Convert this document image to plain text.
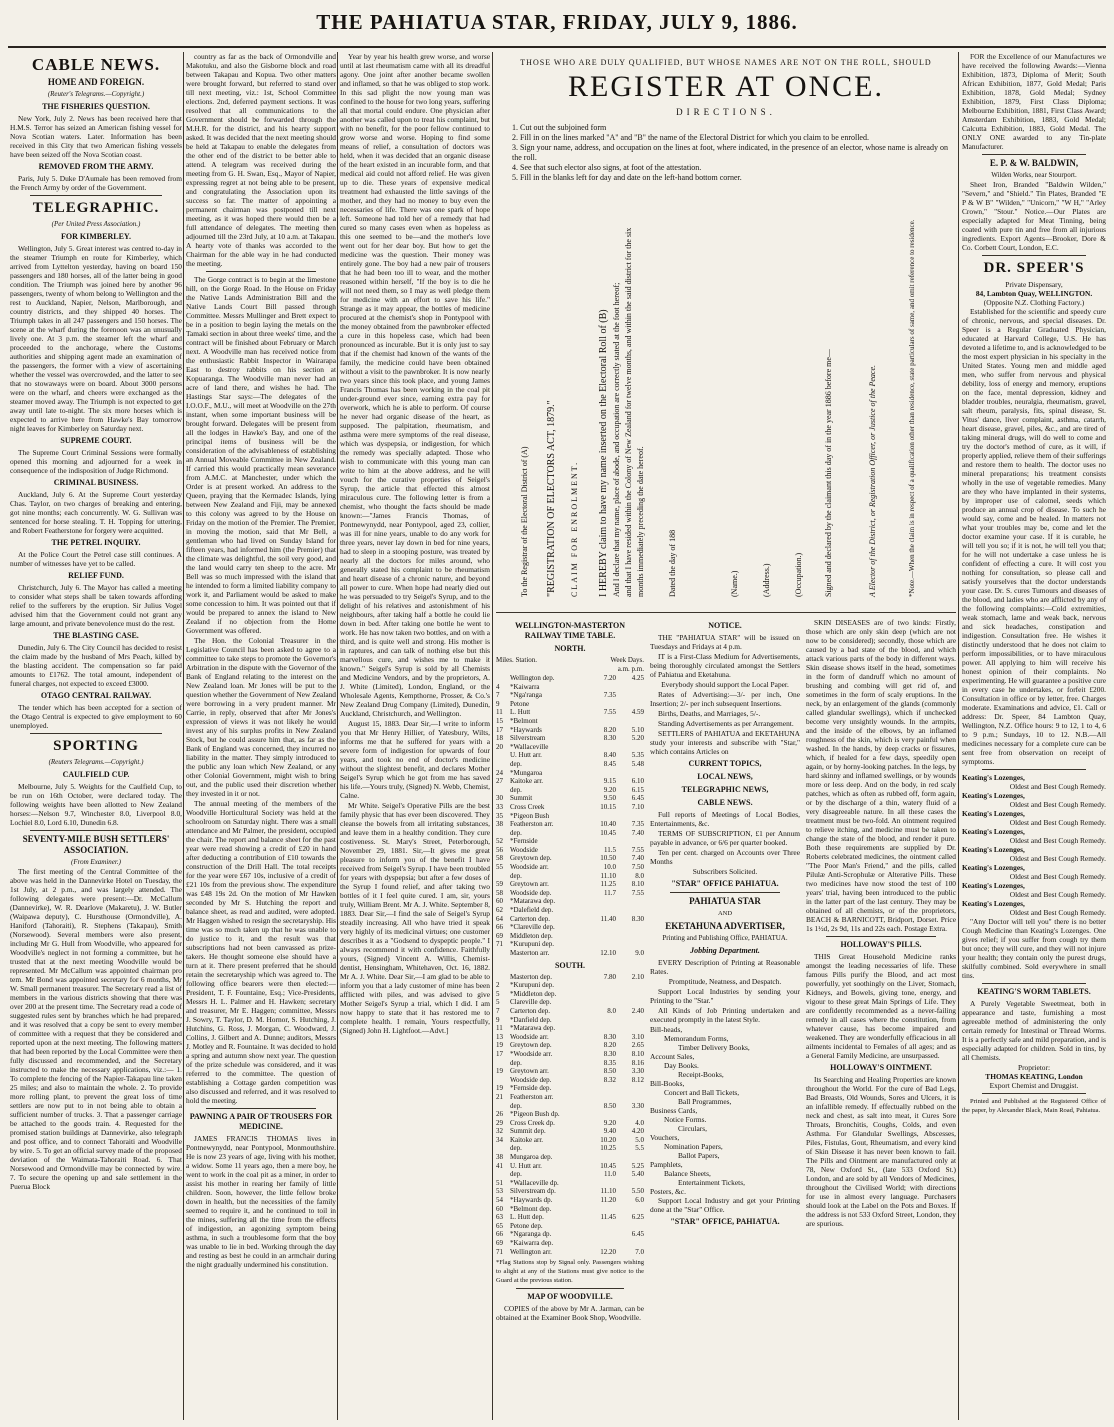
THE PAHIATUA STAR, FRIDAY, JULY 9, 1886.
CABLE NEWS.
HOME AND FOREIGN.
(Reuter's Telegrams.—Copyright.)
THE FISHERIES QUESTION.

New York, July 2. News has been received here that H.M.S. Terror has seized an American fishing vessel for Nova Scotian waters. Later. Information has been received in this City that two American fishing vessels have been seized off the Nova Scotian coast.

REMOVED FROM THE ARMY.

Paris, July 5. Duke D'Aumale has been removed from the French Army by order of the Government.

TELEGRAPHIC.
(Per United Press Association.)
FOR KIMBERLEY.

Wellington, July 5. Great interest was centred to-day in the steamer Triumph en route for Kimberley, which arrived from Lyttelton yesterday, having on board 150 passengers and 180 horses, all of the latter being in good condition. The Triumph was joined here by another 96 passengers, twenty of whom belong to Wellington and the rest to Auckland, Napier, Nelson, Marlborough, and country districts, and they shipped 40 horses. The Triumph takes in all 247 passengers and 150 horses. The scene at the wharf during the forenoon was an unusually lively one. At 3 p.m. the steamer left the wharf and proceeded to the anchorage, where the Customs authorities and shipping agent made an examination of the passengers, the former with a view of ascertaining whether the vessel was overcrowded, and the latter to see that no stowaways were on board. About 3000 persons were on the wharf, and cheers were exchanged as the steamer moved away. The Triumph is not expected to get away until late to-night. The six more horses which is expected to arrive here from Hawke's Bay tomorrow night leaves for Kimberley on Saturday next.

SUPREME COURT.

The Supreme Court Criminal Sessions were formally opened this morning and adjourned for a week in consequence of the indisposition of Judge Richmond.

CRIMINAL BUSINESS.

Auckland, July 6. At the Supreme Court yesterday Chas. Taylor, on two charges of breaking and entering, got nine months; each concurrently. W. G. Sullivan was sentenced for horse stealing. T. H. Topping for uttering, and Robert Featherstone for forgery were acquitted.

THE PETREL INQUIRY.

At the Police Court the Petrel case still continues. A number of witnesses have yet to be called.

RELIEF FUND.

Christchurch, July 6. The Mayor has called a meeting to consider what steps shall be taken towards affording relief to the sufferers by the eruption. Sir Julius Vogel advised him that the Government could not grant any large amount, and private benevolence must do the rest.

THE BLASTING CASE.

Dunedin, July 6. The City Council has decided to resist the claim made by the husband of Mrs Peach, killed by the blasting accident. The compensation so far paid amounts to £1762. The total amount, independent of funeral charges, not expected to exceed £3000.

OTAGO CENTRAL RAILWAY.

The tender which has been accepted for a section of the Otago Central is expected to give employment to 60 unemployed.

SPORTING
(Reuters Telegrams.—Copyright.)
CAULFIELD CUP.

Melbourne, July 5. Weights for the Caulfield Cup, to be run on 16th October, were declared today. The following weights have been allotted to New Zealand horses:—Nelson 9.7, Winchester 8.0, Liverpool 8.0, Lochiel 8.0, Lord 6.10, Dunedin 6.8.

SEVENTY-MILE BUSH SETTLERS' ASSOCIATION.
(From Examiner.)

The first meeting of the Central Committee of the above was held in the Dannevirke Hotel on Tuesday, the 1st July, at 2 p.m., and was largely attended. The following delegates were present:—Dr. McCallum (Dannevirke), W. R. Dearlove (Makaretu), J. W. Butler (Waipawa deputy), C. Hursthouse (Ormondville), A. Haniford (Tahoraiti), R. Stephens (Takapau), Smith (Norsewood). Several members were also present, including Mr G. Hull from Woodville, who appeared for Woodville's neglect in not forming a committee, but he trusted that at the next meeting Woodville would be represented. Mr McCallum was appointed chairman pro tem. Mr Bond was appointed secretary for 6 months, Mr W. Small permanent treasurer. The Secretary read a list of members in the various districts showing that there was over 200 at the present time. The Secretary read a code of suggested rules sent by branches which he had prepared, and it was resolved that a copy be sent to every member of committee with a request that they be considered and reported upon at the next meeting. The following matters that had been reported by the Local Committee were then fully discussed and recommended, and the Secretary instructed to make the necessary applications, viz.:— 1. To complete the fencing of the Napier-Takapau line taken 25 miles; and also to maintain the whole. 2. To provide more rolling plant, to prevent the great loss of time settlers are now put to in not being able to obtain a sufficient number of trucks. 3. That a passenger carriage be attached to the goods train. 4. Requested for the promised station buildings at Dannevirke, also telegraph and post office, and to connect Tahoraiti and Woodville by wire. 5. To get an official survey made of the proposed deviation of the Waimata-Tahoraiti Road. 6. That Norsewood and Ormondville may be connected by wire. 7. To secure the opening up and sale settlement in the Puerua Block

country as far as the back of Ormondville and Makotuku, and also the Gisborne block and road between Takapau and Kopua. Two other matters were brought forward, but referred to stand over till next meeting, viz.: 1st, School Committee elections. 2nd, deferred payment sections. It was resolved that all communications to the Government should be forwarded through the M.H.R. for the district, and his hearty support asked. It was decided that the next meeting should be held at Takapau to enable the delegates from the other end of the district to be better able to attend. A telegram was received during the meeting from G. H. Swan, Esq., Mayor of Napier, expressing regret at not being able to be present, and congratulating the Association upon its success so far. The matter of appointing a permanent chairman was postponed till next meeting, as it was hoped there would then be a full attendance of delegates. The meeting then adjourned till the 23rd July, at 10 a.m. at Takapau. A hearty vote of thanks was accorded to the Chairman for the able way in he had conducted the meeting.

The Gorge contract is to begin at the limestone hill, on the Gorge Road. In the House on Friday the Native Lands Administration Bill and the Native Lands Court Bill passed through Committee. Messrs Mullinger and Brett expect to be in a position to begin laying the metals on the Tamaki section in about three weeks' time, and the contract will be finished about February or March next. A Woodville man has received notice from the enthusiastic Rabbit Inspector in Wairarapa East to destroy rabbits on his section at Kopuaranga. The Woodville man never had an acre of land there, and wishes he had. The Hastings Star says:—The delegates of the I.O.O.F., M.U., will meet at Woodville on the 27th instant, when some important business will be brought forward. Delegates will be present from all the lodges in Hawke's Bay, and one of the principal items of business will be the consideration of the advisableness of establishing an Annual Moveable Committee in New Zealand. If carried this would practically mean severance from A.M.C. at Manchester, under which the Order is at present worked. An address to the Queen, praying that the Kermadec Islands, lying between New Zealand and Fiji, may be annexed to this colony was agreed to by the House on Friday on the motion of the Premier. The Premier, in moving the motion, said that Mr Bell, a gentleman who had lived on Sunday Island for fifteen years, had informed him (the Premier) that the climate was delightful, the soil very good, and the land would carry ten sheep to the acre. Mr Bell was so much impressed with the island that he intended to form a limited liability company to work it, and Parliament would be asked to make some concession to him. It was pointed out that if would be prepared to annex the island to New Zealand if no objection from the Home Government was offered.

The Hon. the Colonial Treasurer in the Legislative Council has been asked to agree to a committee to take steps to promote the Governor's Arbitration in the dispute with the Governor of the Bank of England relating to the interest on the New Zealand loan. Mr Jones will be put to the question whether the Government of New Zealand were borrowing in a very prudent manner. Mr Carrie, in reply, observed that after Mr Jones's expression of views it was not likely he would invest any of his surplus profits in New Zealand Stock, but he could assure him that, as far as the Bank of England was concerned, they incurred no liability in the matter. They simply introduced to the public any loan which New Zealand, or any other Colonial Government, might wish to bring out, and the public used their discretion whether they invested in it or not.

The annual meeting of the members of the Woodville Horticultural Society was held at the schoolroom on Saturday night. There was a small attendance and Mr Palmer, the president, occupied the chair. The report and balance sheet for the past year were read showing a credit of £20 in hand after deducting a contribution of £10 towards the construction of the Drill Hall. The total receipts for the year were £67 10s, inclusive of a credit of £21 10s from the previous show. The expenditure was £48 19s 2d. On the motion of Mr Hawken seconded by Mr S. Hutching the report and balance sheet, as read and audited, were adopted. Mr Haggen wished to resign the secretaryship. His time was so much taken up that he was unable to do justice to it, and the result was that subscriptions had not been canvassed as prize-takers. He thought someone else should have a turn at it. There present preferred that he should retain the secretaryship which was agreed to. The following office bearers were then elected:—President, T. F. Fountaine, Esq.; Vice-Presidents, Messrs H. L. Palmer and H. Hawken; secretary and treasurer, Mr E. Haggen; committee, Messrs J. Sowry, T. Taylor, D. M. Hornor, S. Hutching, J. Hutchins, G. Ross, J. Morgan, C. Woodward, J. Collins, J. Gilbert and A. Dunne; auditors, Messrs J. Motley and R. Fountaine. It was decided to hold a spring and autumn show next year. The question of the prize schedule was considered, and it was referred to the committee. The question of establishing a Cottage garden competition was also discussed and referred, and it was resolved to hold the meeting.

PAWNING A PAIR OF TROUSERS FOR MEDICINE.

JAMES FRANCIS THOMAS lives in Pontnewynydd, near Pontypool, Monmouthshire. He is now 23 years of age, living with his mother, a widow. Some 11 years ago, then a mere boy, he went to work in the coal pit as a miner, in order to assist his mother in rearing her family of little children. Soon, however, the little fellow broke down in health, but the necessities of the family seemed to require it, and he continued to toil in the mines, suffering all the time from the effects of indigestion, an agonizing symptom being asthma, in such a troublesome form that the boy was unable to lie in bed. Working through the day and resting as best he could in an armchair during the night gradually undermined his constitution.

Year by year his health grew worse, and worse until at last rheumatism came with all its dreadful agony. One joint after another became swollen and inflamed, so that he was obliged to stop work. In this sad plight the now young man was confined to the house for two long years, suffering all that mortal could endure. One physician after another was called upon to treat his complaint, but with no benefit, for the poor fellow continued to grow worse and worse. Hoping to find some means of relief, a consultation of doctors was held, when it was decided that an organic disease of the heart existed in an incurable form, and that medical aid could not afford relief. He was given up to die. These years of expensive medical treatment had exhausted the little savings of the mother, and they had no money to buy even the necessaries of life. There was one spark of hope left. Someone had told her of a remedy that had cured so many cases even when as hopeless as this one seemed to be—and the mother's love went out for her dear boy. But how to get the medicine was the question. Their money was entirely gone. The boy had a new pair of trousers that he had been too ill to wear, and the mother reasoned within herself, "If the boy is to die he will not need them, so I may as well pledge them for medicine with an effort to save his life." Strange as it may appear, the bottles of medicine procured at the chemist's shop in Pontypool with the money obtained from the pawnbroker effected a cure in this hopeless case, which had been pronounced as incurable. But it is only just to say that if the chemist had known of the wants of the family, the medicine could have been obtained without a visit to the pawnbroker. It is now nearly two years since this took place, and young James Francis Thomas has been working in the coal pit under-ground ever since, earning extra pay for overwork, which he is able to perform. Of course he never had organic disease of the heart, as supposed. The palpitation, rheumatism, and asthma were mere symptoms of the real disease, which was dyspepsia, or indigestion, for which the remedy was specially adapted. Those who wish to communicate with this young man can write to him at the above address, and he will vouch for the curative properties of Seigel's Syrup, the article that effected this almost miraculous cure. The following letter is from a chemist, who thought the facts should be made known:—"James Francis Thomas, of Pontnewynydd, near Pontypool, aged 23, collier, was ill for nine years, unable to do any work for three years, never lay down in bed for nine years, had to sleep in a stooping posture, was treated by nearly all the doctors for miles around, who generally stated his complaint to be rheumatism and heart disease of a chronic nature, and beyond all power to cure. When hope had nearly died out he was persuaded to try Seigel's Syrup, and to the delight of his relatives and astonishment of his neighbours, after taking half a bottle he could lie down in bed. After taking one bottle he went to work. He has now taken two bottles, and on with a third, and is quite well and strong. His mother is in raptures, and can talk of nothing else but this marvellous cure, and wishes me to make it known." Seigel's Syrup is sold by all Chemists and Medicine Vendors, and by the proprietors, A. J. White (Limited), London, England, or the Wholesale Agents, Kempthorne, Prosser, & Co.'s New Zealand Drug Company (Limited), Dunedin, Auckland, Christchurch, and Wellington.

August 15, 1883. Dear Sir,—I write to inform you that Mr Henry Hillier, of Yatesbury, Wilts, informs me that he suffered for years with a severe form of indigestion for upwards of four years, and took no end of doctor's medicine without the slightest benefit, and declares Mother Seigel's Syrup which he got from me has saved his life.—Yours truly, (Signed) N. Webb, Chemist, Calne.

Mr White. Seigel's Operative Pills are the best family physic that has ever been discovered. They cleanse the bowels from all irritating substances, and leave them in a healthy condition. They cure costiveness. St. Mary's Street, Peterborough, November 29, 1881. Sir,—It gives me great pleasure to inform you of the benefit I have received from Seigel's Syrup. I have been troubled for years with dyspepsia; but after a few doses of the Syrup I found relief, and after taking two bottles of it I feel quite cured. I am, sir, yours truly, William Brent. Mr A. J. White. September 8, 1883. Dear Sir,—I find the sale of Seigel's Syrup steadily increasing. All who have tried it speak very highly of its medicinal virtues; one customer describes it as a "Godsend to dyspeptic people." I always recommend it with confidence. Faithfully yours, (Signed) Vincent A. Willis, Chemist-dentist, Hensingham, Whitehaven, Oct. 16, 1882. Mr A. J. White. Dear Sir,—I am glad to be able to inform you that a lady customer of mine has been afflicted with piles, and was advised to give Mother Seigel's Syrup a trial, which I did. I am now happy to state that it has restored me to complete health. I remain, Yours respectfully, (Signed) John H. Lightfoot.—Advt.]

THOSE WHO ARE DULY QUALIFIED, BUT WHOSE NAMES ARE NOT ON THE ROLL, SHOULD
REGISTER AT ONCE.
DIRECTIONS.
1. Cut out the subjoined form
2. Fill in on the lines marked "A" and "B" the name of the Electoral District for which you claim to be enrolled.
3. Sign your name, address, and occupation on the lines at foot, where indicated, in the presence of an elector, whose name is already on the roll.
4. See that such elector also signs, at foot of the attestation.
5. Fill in the blanks left for day and date on the left-hand bottom corner.
To the Registrar of the Electoral District of (A) "REGISTRATION OF ELECTORS ACT, 1879." CLAIM FOR ENROLMENT. I HEREBY claim to have my name inserted on the Electoral Roll of (B) And I declare that my name, place of abode, and occupation are correctly stated at the foot hereof; and that I have resided within the Colony of New Zealand for twelve months, and within the said district for the six months immediately preceding the date hereof.	Dated the day of 188	(Name.)	(Address.)	(Occupation.)	Signed and declared by the claimant this day of in the year 1886 before me—	A Elector of the District, or Registration Officer, or Justice of the Peace.	*Note.—When the claim is in respect of a qualification other than residence, state particulars of same, and omit reference to residence.
WELLINGTON-MASTERTON RAILWAY TIME TABLE.
NORTH.
Miles. Station.	Week Days.
a.m. p.m.
	Wellington dep.	7.20	4.25
4	*Kaiwarra		
7	*Nga'ranga	7.35	
9	Petone		
11	L. Hutt	7.55	4.59
15	*Belmont		
17	*Haywards	8.20	5.10
18	Silverstream	8.30	5.20
20	*Wallaceville		
	U. Hutt arr.	8.40	5.35
	dep.	8.45	5.48
24	*Mungaroa		
27	Kaitoke arr.	9.15	6.10
	dep.	9.20	6.15
30	Summit	9.50	6.45
33	Cross Creek	10.15	7.10
35	*Pigeon Bush		
38	Featherston arr.	10.40	7.35
	dep.	10.45	7.40
52	*Fernside		
56	Woodside	11.5	7.55
58	Greytown dep.	10.50	7.40
55	Woodside arr.	10.0	7.50
	dep.	11.10	8.0
59	Greytown arr.	11.25	8.10
58	Woodside dep.	11.7	7.55
60	*Matarawa dep.		
62	*Dalefield dep.		
64	Carterton dep.	11.40	8.30
66	*Clareville dep.		
69	Middleton dep.		
71	*Kurupuni dep.		
	Masterton arr.	12.10	9.0
SOUTH.
	Masterton dep.	7.80	2.10
2	*Kurupuni dep.		
5	*Middleton dep.		
5	Clareville dep.		
7	Carterton dep.	8.0	2.40
9	*Danfield dep.		
11	*Matarawa dep.		
13	Woodside arr.	8.30	3.10
19	Greytown dep.	8.20	2.65
17	*Woodside arr.	8.30	8.10
	dep.	8.35	8.16
19	Greytown arr.	8.50	3.30
	Woodside dep.	8.32	8.12
19	*Fernside dep.		
21	Featherston arr.		
	dep.	8.50	3.30
26	*Pigeon Bush dp.		
29	Cross Creek dp.	9.20	4.0
32	Summit dep.	9.40	4.20
34	Kaitoke arr.	10.20	5.0
	dep.	10.25	5.5
38	Mungaroa dep.		
41	U. Hutt arr.	10.45	5.25
	dep.	11.0	5.40
51	*Wallaceville dp.		
53	Silverstream dp.	11.10	5.50
54	*Haywards dp.	11.20	6.0
60	*Belmont dep.		
63	L. Hutt dep.	11.45	6.25
65	Petone dep.		
66	*Ngaranga dp.		6.45
69	*Kaiwarra dep.		
71	Wellington arr.	12.20	7.0

*Flag Stations stop by Signal only. Passengers wishing to alight at any of the Stations must give notice to the Guard at the previous station.

MAP OF WOODVILLE.

COPIES of the above by Mr A. Jarman, can be obtained at the Examiner Book Shop, Woodville.

NOTICE.

THE "PAHIATUA STAR" will be issued on Tuesdays and Fridays at 4 p.m.

IT is a First-Class Medium for Advertisements, being thoroughly circulated amongst the Settlers of Pahiatua and Eketahuna.

Everybody should support the Local Paper.

Rates of Advertising:—3/- per inch, One Insertion; 2/- per inch subsequent Insertions.

Births, Deaths, and Marriages, 5/-.

Standing Advertisements as per Arrangement.

SETTLERS of PAHIATUA and EKETAHUNA study your interests and subscribe with "Star," which contains Articles on

CURRENT TOPICS,
LOCAL NEWS,
TELEGRAPHIC NEWS,
CABLE NEWS.

Full reports of Meetings of Local Bodies, Entertainments, &c.

TERMS OF SUBSCRIPTION, £1 per Annum payable in advance, or 6/6 per quarter booked.

Ten per cent. charged on Accounts over Three Months

Subscribers Solicited.

"STAR" OFFICE PAHIATUA.
PAHIATUA STAR
AND
EKETAHUNA ADVERTISER,
Printing and Publishing Office, PAHIATUA.
Jobbing Department.

EVERY Description of Printing at Reasonable Rates.

Promptitude, Neatness, and Despatch.

Support Local Industries by sending your Printing to the "Star."

All Kinds of Job Printing undertaken and executed promptly in the latest Style.

Bill-heads,
Memorandum Forms,
Timber Delivery Books,
Account Sales,
Day Books.
Receipt-Books,
Bill-Books,
Concert and Ball Tickets,
Ball Programmes,
Business Cards,
Notice Forms.
Circulars,
Vouchers,
Nomination Papers,
Ballot Papers,
Pamphlets,
Balance Sheets,
Entertainment Tickets,
Posters, &c.

Support Local Industry and get your Printing done at the "Star" Office.

"STAR" OFFICE, PAHIATUA.

SKIN DISEASES are of two kinds: Firstly, those which are only skin deep (which are not now to be considered); secondly, those which are caused by a bad state of the blood, and which attack various parts of the body in different ways. Skin disease shows itself in the head, sometimes in the form of dandruff which no amount of brushing and combing will get rid of, and sometimes in the form of scaly eruptions. In the neck, by an enlargement of the glands (commonly called glandular swellings), which if unchecked become very unsightly wounds. In the armpits, and the inside of the elbows, by an inflamed roughness of the skin, which is very painful when washed. In the hands, by deep cracks or fissures, which, if healed for a few days, speedily open again, or by horny-looking patches. In the legs, by hard skinny and inflamed swellings, or by wounds more or less deep. And on the body, in red scaly patches, which as often as rubbed off, form again, or by the discharge of a thin, watery fluid of a very disagreeable nature. In all these cases the treatment must be two-fold. An ointment required to relieve itching, and medicine must be taken to change the state of the blood, and render it pure. Both these requirements are supplied by Dr. Roberts celebrated medicines, the ointment called "The Poor Man's Friend," and the pills, called Pilulæ Anti-Scrophulæ or Alterative Pills. These two medicines have now stood the test of 100 years' trial, having been introduced to the public in the latter part of the last century. They may be obtained of all chemists, or of the proprietors, BEACH & BARNICOTT, Bridport, Dorset. Price 1s 1½d, 2s 9d, 11s and 22s each. Postage Extra.

HOLLOWAY'S PILLS.

THIS Great Household Medicine ranks amongst the leading necessaries of life. These famous Pills purify the Blood, and act most powerfully, yet soothingly on the Liver, Stomach, Kidneys, and Bowels, giving tone, energy, and vigour to these great Main Springs of Life. They are confidently recommended as a never-failing remedy in all cases where the constitution, from whatever cause, has become impaired and weakened. They are wonderfully efficacious in all ailments incidental to Females of all ages; and as a General Family Medicine, are unsurpassed.

HOLLOWAY'S OINTMENT.

Its Searching and Healing Properties are known throughout the World. For the cure of Bad Legs, Bad Breasts, Old Wounds, Sores and Ulcers, it is an infallible remedy. If effectually rubbed on the neck and chest, as salt into meat, it Cures Sore Throats, Bronchitis, Coughs, Colds, and even Asthma. For Glandular Swellings, Abscesses, Piles, Fistulas, Gout, Rheumatism, and every kind of Skin Disease it has never been known to fail. The Pills and Ointment are manufactured only at 78, New Oxford St., (late 533 Oxford St.) London, and are sold by all Vendors of Medicines, throughout the Civilised World; with directions for use in almost every language. Purchasers should look at the Label on the Pots and Boxes. If the address is not 533 Oxford Street, London, they are spurious.

FOR the Excellence of our Manufactures we have received the following Awards:—Vienna Exhibition, 1873, Diploma of Merit; South African Exhibition, 1877, Gold Medal; Paris Exhibition, 1878, Gold Medal; Sydney Exhibition, 1879, First Class Diploma; Melbourne Exhibition, 1881, First Class Award; Amsterdam Exhibition, 1883, Gold Medal; Calcutta Exhibition, 1883, Gold Medal. The ONLY ONE awarded to any Tin-plate Manufacturer.

E. P. & W. BALDWIN,
Wilden Works, near Stourport.

Sheet Iron, Branded "Baldwin Wilden," "Severn," and "Shield." Tin Plates, Branded "E P & W B" "Wilden," "Unicorn," "W H," "Arley Crown," "Stour." Notice.—Our Plates are especially adapted for Meat Tinning, being coated with pure tin and free from all injurious ingredients. Export Agents—Brooker, Dore & Co. Corbett Court, London, E.C.

DR. SPEER'S
Private Dispensary,
84, Lambton Quay, WELLINGTON.
(Opposite N.Z. Clothing Factory.)

Established for the scientific and speedy cure of chronic, nervous, and special diseases. Dr. Speer is a Regular Graduated Physician, educated at Harvard College, U.S. He has devoted a lifetime to, and is acknowledged to be the most expert physician in his specialty in the United States. Young men and middle aged men, who suffer from nervous and physical debility, loss of energy and memory, eruptions on the face, mental depression, kidney and bladder troubles, neuralgia, rheumatism, gravel, salt rheum, paralysis, fits, spinal disease, St. Vitus' dance, liver complaint, asthma, catarrh, heart disease, gravel, piles, &c., and are tired of taking mineral drugs, will do well to come and try the doctor's method of cure, as it will, if properly applied, relieve them of their sufferings and restore them to health. The doctor uses no mineral preparations; his treatment consists wholly in the use of vegetable remedies. Many are they who have implanted in their systems, by improper use of calomel, seeds which produce an annual crop of disease. To such he would say, come and be healed. In matters not what your troubles may be, come and let the doctor examine your case. If it is curable, he will tell you so; if it is not, he will tell you that; for he will not undertake a case unless he is confident of effecting a cure. It will cost you nothing for consultation, so please call and satisfy yourselves that the doctor understands your case. Dr. S. cures Tumours and diseases of the blood, and ladies who are afflicted by any of the following complaints:—Cold extremities, weak stomach, lame and weak back, nervous and sick headaches, constipation and indigestion. Consultation free. He wishes it distinctly understood that he does not claim to perform impossibilities, or to have miraculous power. All applying to him will receive his honest opinion of their complaints. No experimenting. He will guarantee a positive cure in every case he undertakes, or forfeit £200. Consultation in office or by letter, free. Charges moderate. Examinations and advice, £1. Call or address: Dr. Speer, 84 Lambton Quay, Wellington, N.Z. Office hours: 9 to 12, 1 to 4, 6 to 9 p.m.; Sundays, 10 to 12. N.B.—All medicines necessary for a complete cure can be sent free from observation on receipt of symptoms.

Keating's Lozenges,
Oldest and Best Cough Remedy.
Keating's Lozenges,
Oldest and Best Cough Remedy.
Keating's Lozenges,
Oldest and Best Cough Remedy.
Keating's Lozenges,
Oldest and Best Cough Remedy.
Keating's Lozenges,
Oldest and Best Cough Remedy.
Keating's Lozenges,
Oldest and Best Cough Remedy.
Keating's Lozenges,
Oldest and Best Cough Remedy.
Keating's Lozenges,
Oldest and Best Cough Remedy.

"Any Doctor will tell you" there is no better Cough Medicine than Keating's Lozenges. One gives relief; if you suffer from cough try them but once; they will cure, and they will not injure your health; they contain only the purest drugs, skilfully combined. Sold everywhere in small tins.

KEATING'S WORM TABLETS.

A Purely Vegetable Sweetmeat, both in appearance and taste, furnishing a most agreeable method of administering the only certain remedy for Intestinal or Thread Worms. It is a perfectly safe and mild preparation, and is especially adapted for children. Sold in tins, by all Chemists.

Proprietor:
THOMAS KEATING, London
Export Chemist and Druggist.

Printed and Published at the Registered Office of the paper, by Alexander Black, Main Road, Pahiatua.
